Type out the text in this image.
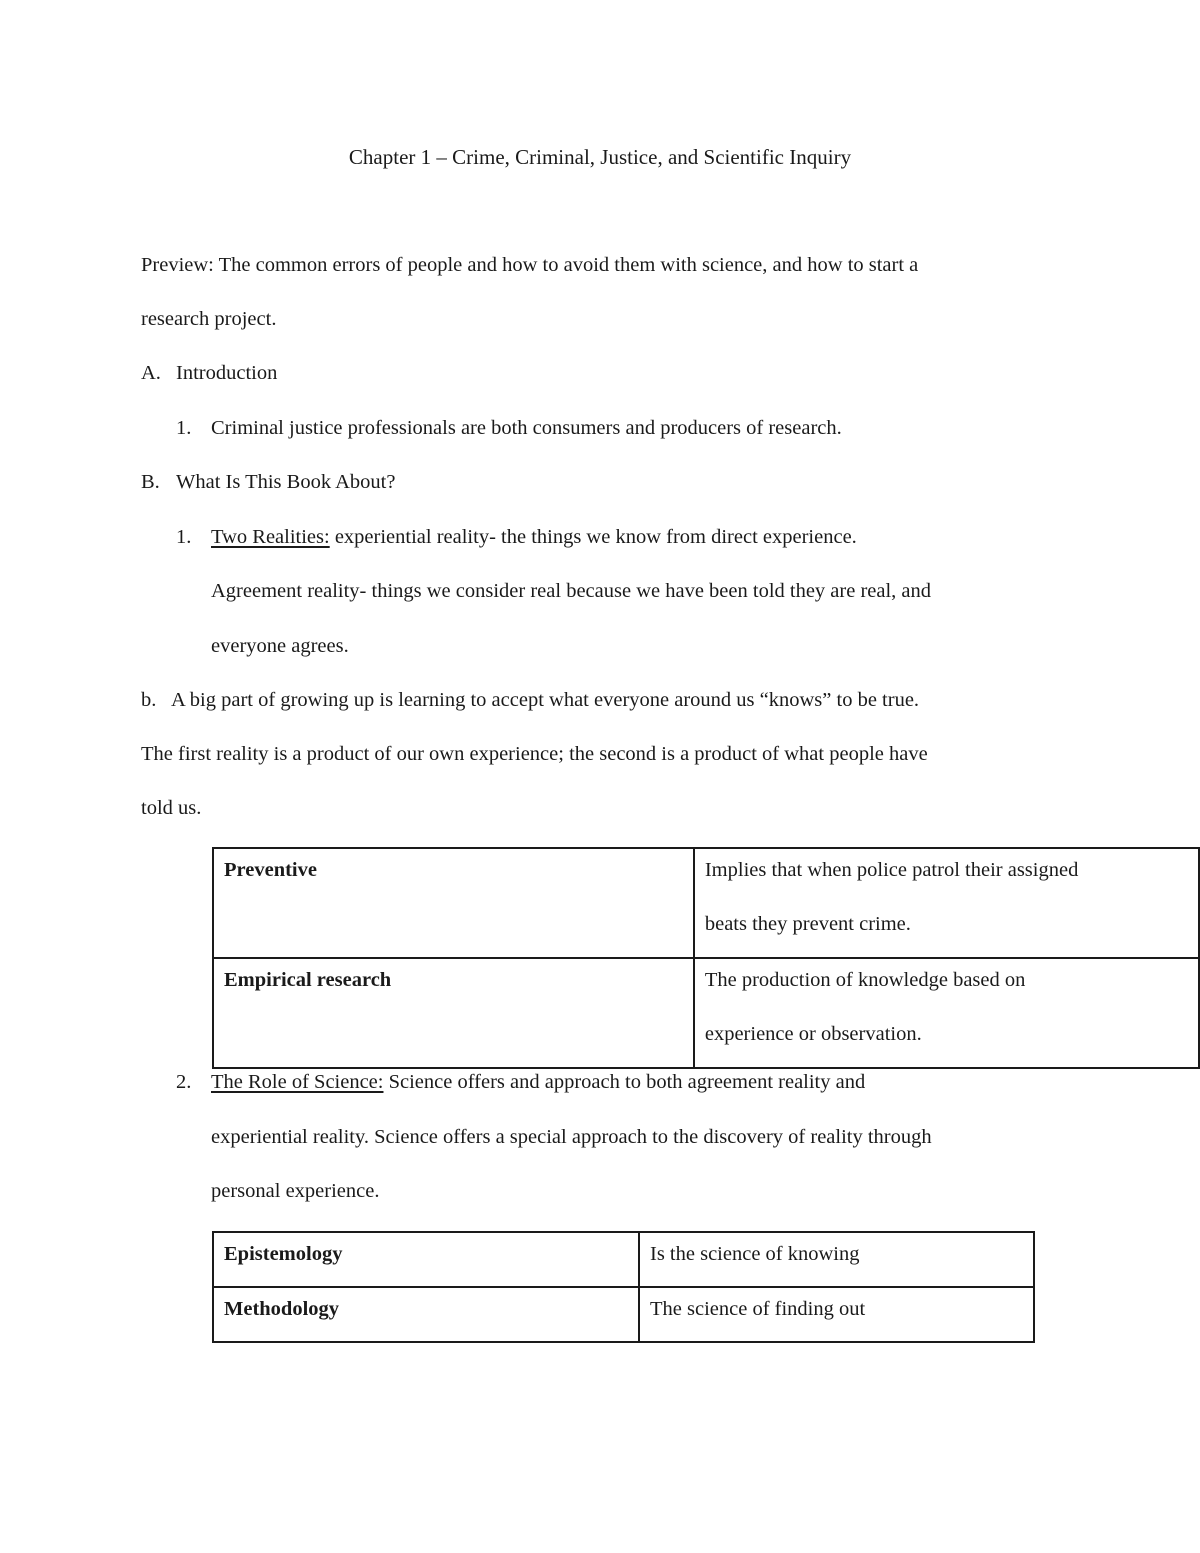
Chapter 1 – Crime, Criminal, Justice, and Scientific Inquiry
Preview: The common errors of people and how to avoid them with science, and how to start a
research project.
A. Introduction
1. Criminal justice professionals are both consumers and producers of research.
B. What Is This Book About?
1. Two Realities: experiential reality- the things we know from direct experience.
Agreement reality- things we consider real because we have been told they are real, and
everyone agrees.
b. A big part of growing up is learning to accept what everyone around us “knows” to be true.
The first reality is a product of our own experience; the second is a product of what people have
told us.
Preventive	Implies that when police patrol their assigned
beats they prevent crime.

Empirical research	The production of knowledge based on
experience or observation.
2. The Role of Science: Science offers and approach to both agreement reality and
experiential reality. Science offers a special approach to the discovery of reality through
personal experience.
Epistemology	Is the science of knowing

Methodology	The science of finding out
